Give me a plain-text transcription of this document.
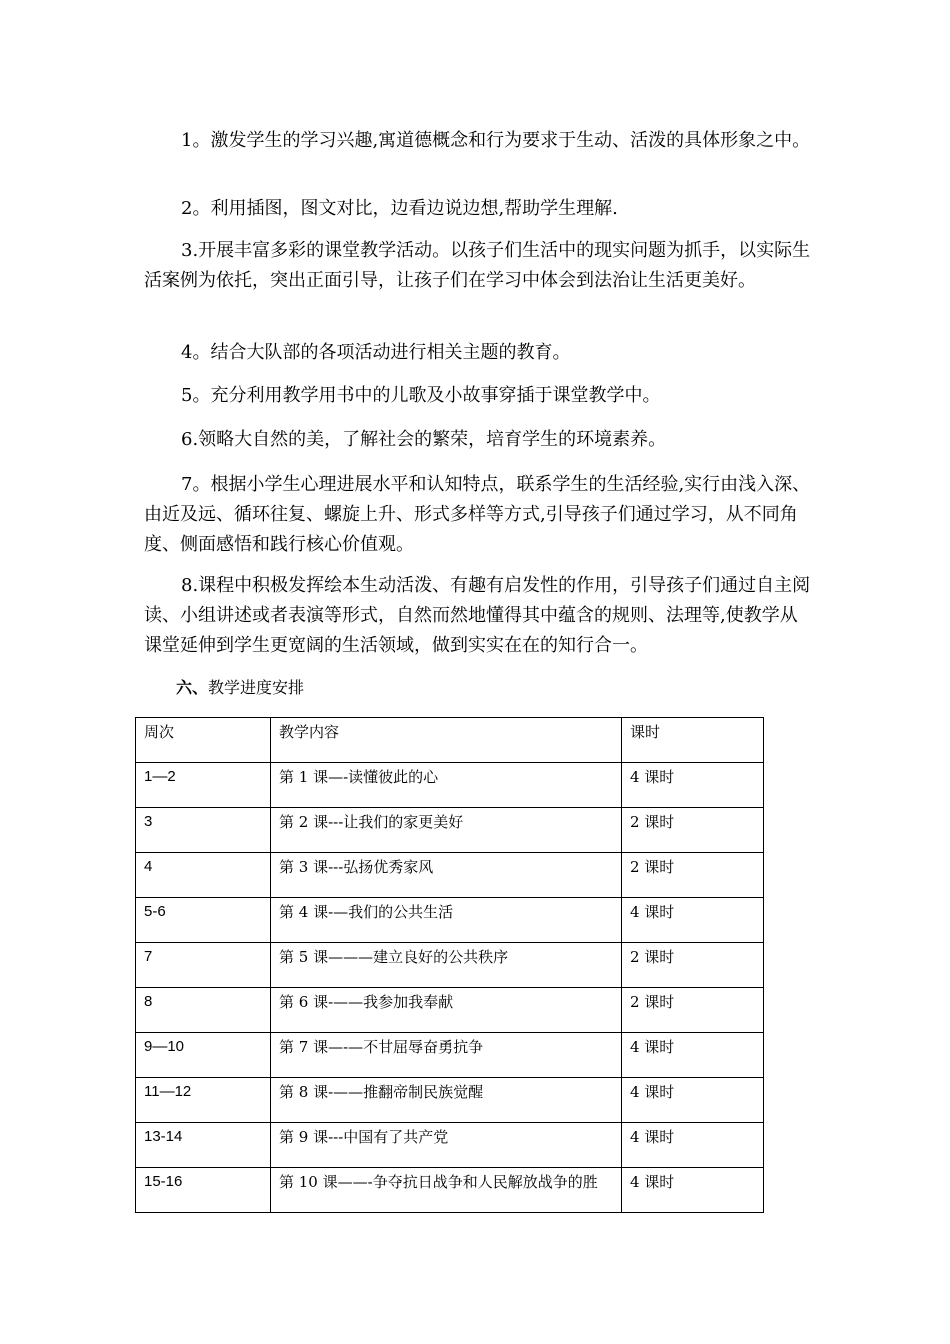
1。激发学生的学习兴趣,寓道德概念和行为要求于生动、活泼的具体形象之中。

2。利用插图，图文对比，边看边说边想,帮助学生理解.

3.开展丰富多彩的课堂教学活动。以孩子们生活中的现实问题为抓手，以实际生活案例为依托，突出正面引导，让孩子们在学习中体会到法治让生活更美好。

4。结合大队部的各项活动进行相关主题的教育。

5。充分利用教学用书中的儿歌及小故事穿插于课堂教学中。

6.领略大自然的美，了解社会的繁荣，培育学生的环境素养。

7。根据小学生心理进展水平和认知特点，联系学生的生活经验,实行由浅入深、由近及远、循环往复、螺旋上升、形式多样等方式,引导孩子们通过学习，从不同角度、侧面感悟和践行核心价值观。

8.课程中积极发挥绘本生动活泼、有趣有启发性的作用，引导孩子们通过自主阅读、小组讲述或者表演等形式，自然而然地懂得其中蕴含的规则、法理等,使教学从课堂延伸到学生更宽阔的生活领域，做到实实在在的知行合一。

六、教学进度安排

周次	教学内容	课时
1—2	第 1 课—-读懂彼此的心	4 课时
3	第 2 课---让我们的家更美好	2 课时
4	第 3 课---弘扬优秀家风	2 课时
5-6	第 4 课-—我们的公共生活	4 课时
7	第 5 课———建立良好的公共秩序	2 课时
8	第 6 课-——我参加我奉献	2 课时
9—10	第 7 课—-—不甘屈辱奋勇抗争	4 课时
11—12	第 8 课-——推翻帝制民族觉醒	4 课时
13-14	第 9 课---中国有了共产党	4 课时
15-16	第 10 课——-争夺抗日战争和人民解放战争的胜	4 课时
